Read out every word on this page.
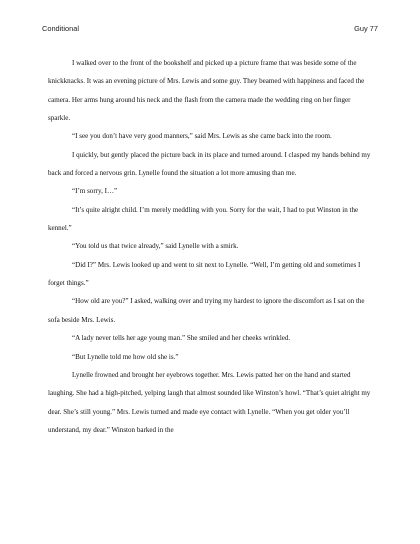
Conditional	Guy 77

I walked over to the front of the bookshelf and picked up a picture frame that was beside some of the knickknacks. It was an evening picture of Mrs. Lewis and some guy. They beamed with happiness and faced the camera. Her arms hung around his neck and the flash from the camera made the wedding ring on her finger sparkle.

“I see you don’t have very good manners,” said Mrs. Lewis as she came back into the room.

I quickly, but gently placed the picture back in its place and turned around. I clasped my hands behind my back and forced a nervous grin. Lynelle found the situation a lot more amusing than me.

“I’m sorry, I…”

“It’s quite alright child. I’m merely meddling with you. Sorry for the wait, I had to put Winston in the kennel.”

“You told us that twice already,” said Lynelle with a smirk.

“Did I?” Mrs. Lewis looked up and went to sit next to Lynelle. “Well, I’m getting old and sometimes I forget things.”

“How old are you?” I asked, walking over and trying my hardest to ignore the discomfort as I sat on the sofa beside Mrs. Lewis.

“A lady never tells her age young man.” She smiled and her cheeks wrinkled.

“But Lynelle told me how old she is.”

Lynelle frowned and brought her eyebrows together. Mrs. Lewis patted her on the hand and started laughing. She had a high-pitched, yelping laugh that almost sounded like Winston’s howl. “That’s quiet alright my dear. She’s still young.” Mrs. Lewis turned and made eye contact with Lynelle. “When you get older you’ll understand, my dear.” Winston barked in the
